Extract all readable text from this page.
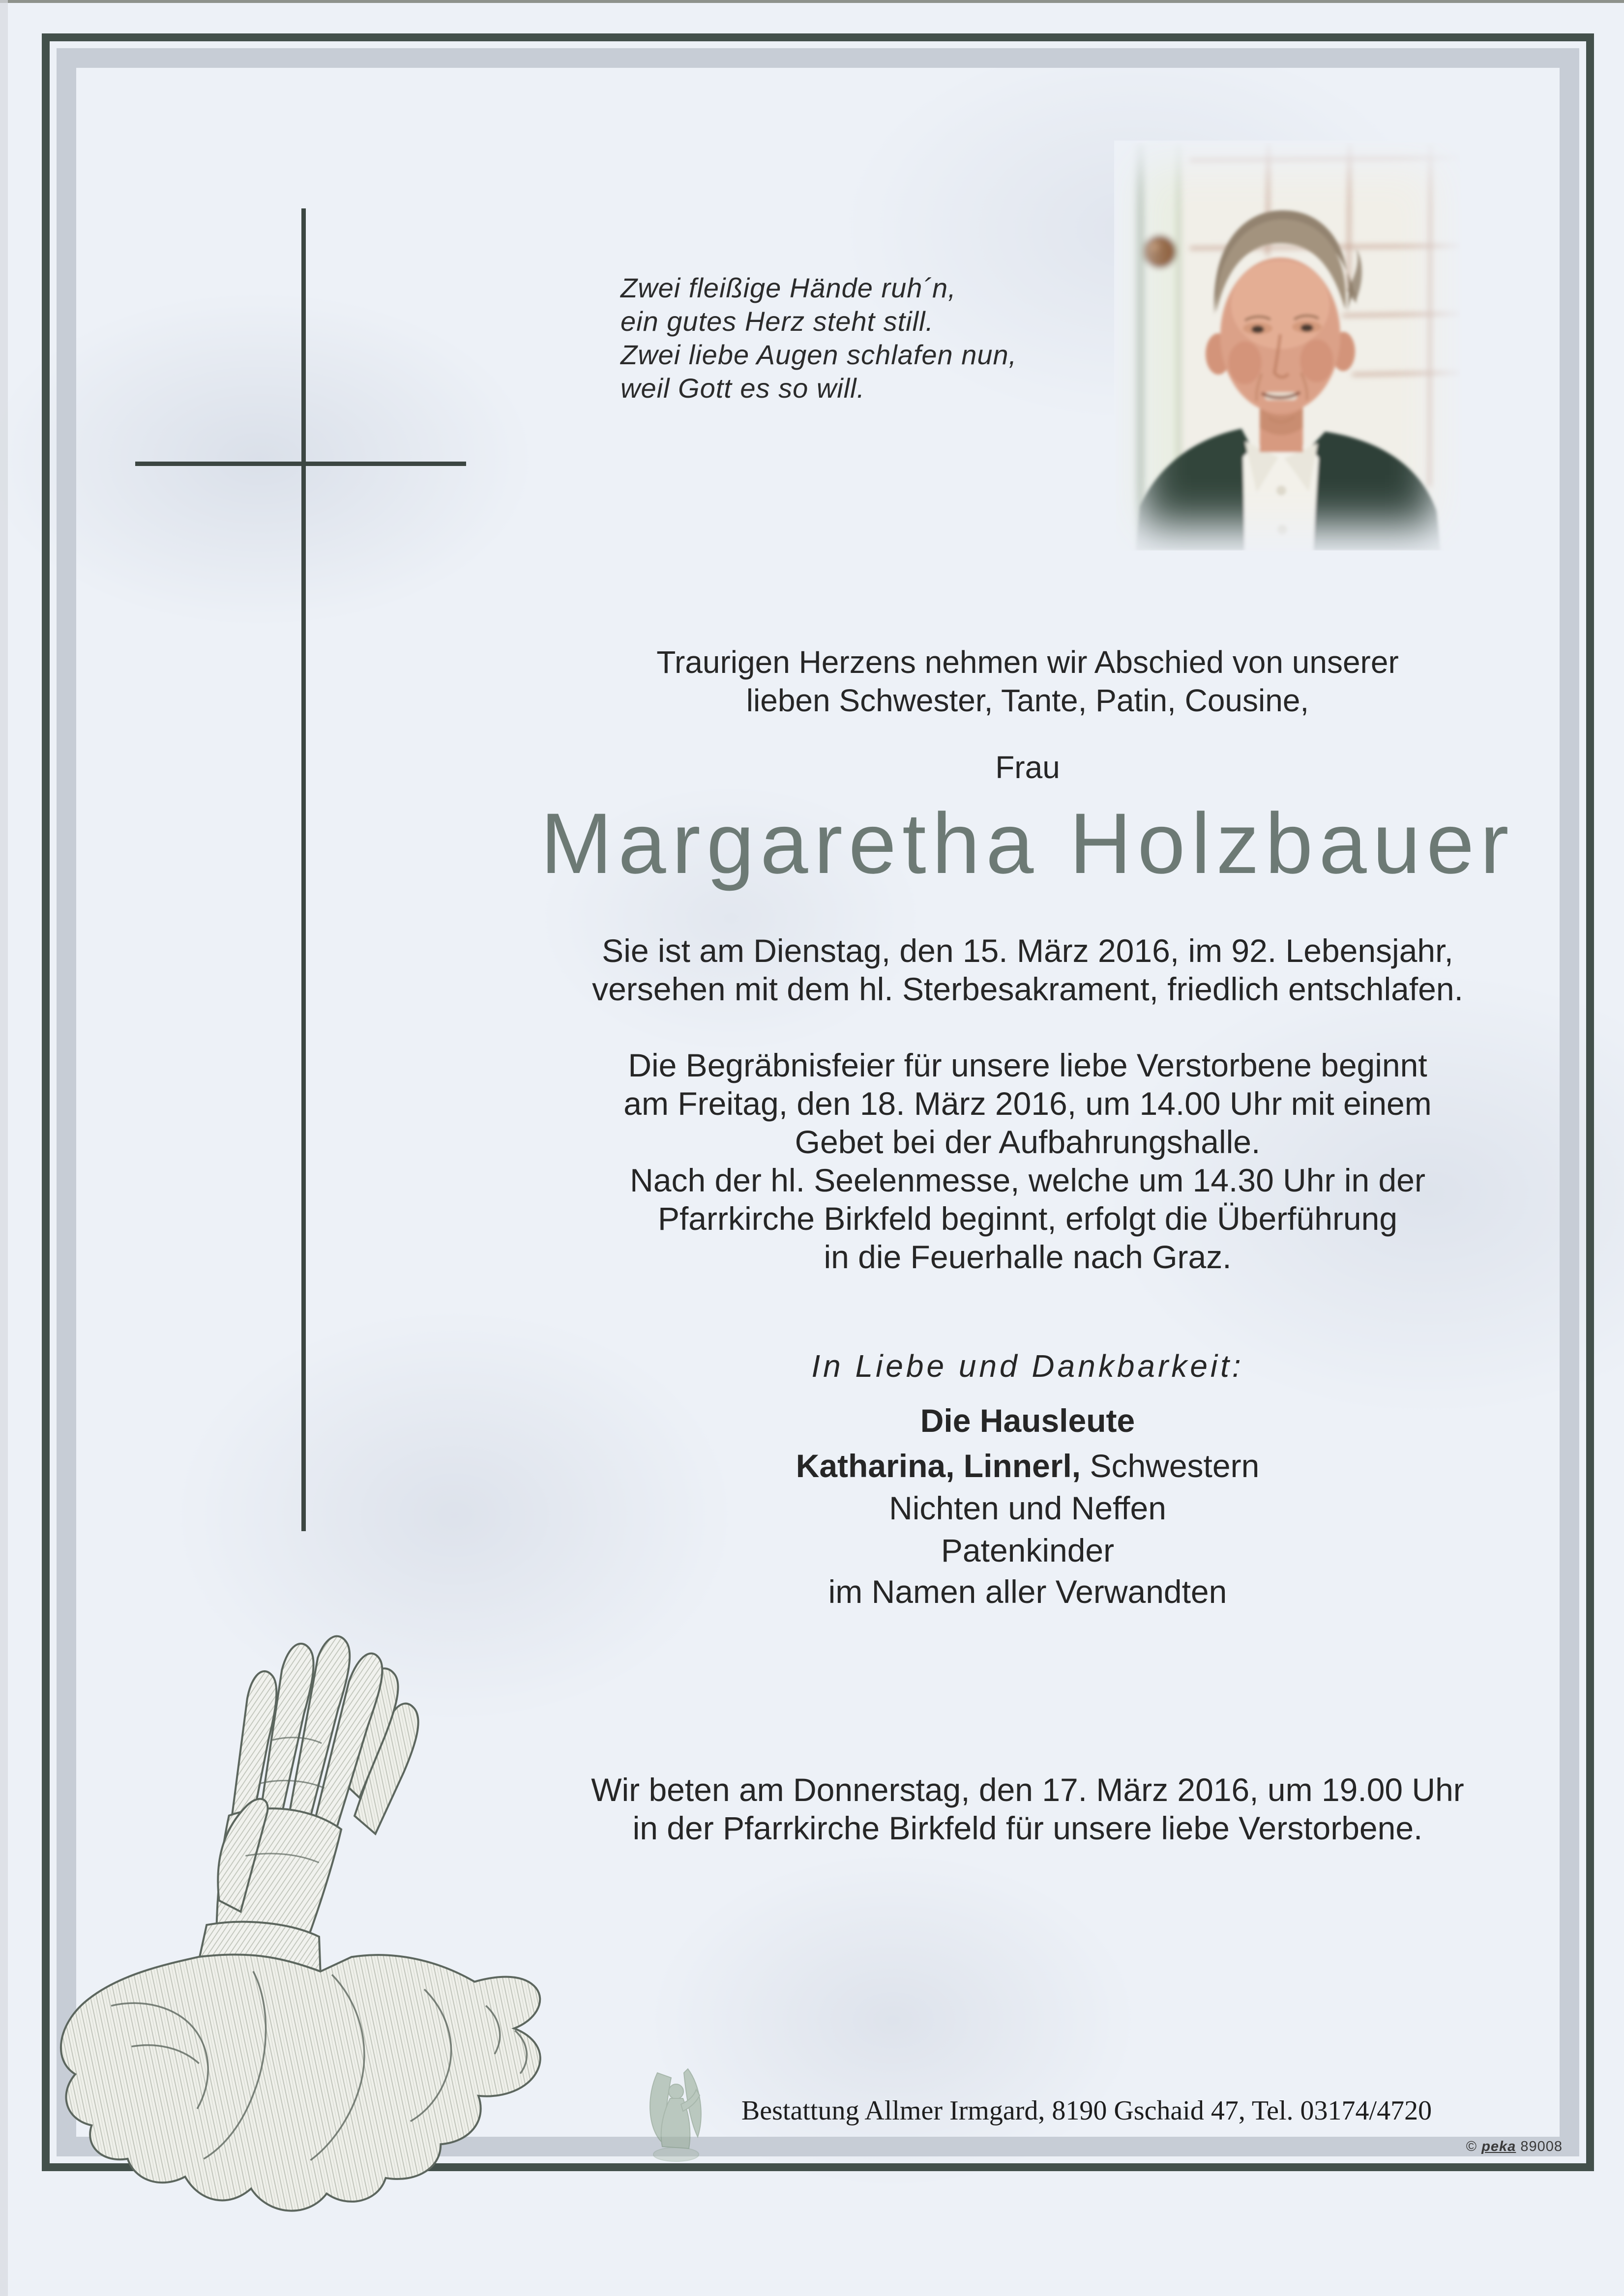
Zwei fleißige Hände ruh´n,
ein gutes Herz steht still.
Zwei liebe Augen schlafen nun,
weil Gott es so will.
Traurigen Herzens nehmen wir Abschied von unserer
lieben Schwester, Tante, Patin, Cousine,
Frau
Margaretha Holzbauer
Sie ist am Dienstag, den 15. März 2016, im 92. Lebensjahr,
versehen mit dem hl. Sterbesakrament, friedlich entschlafen.
Die Begräbnisfeier für unsere liebe Verstorbene beginnt
am Freitag, den 18. März 2016, um 14.00 Uhr mit einem
Gebet bei der Aufbahrungshalle.
Nach der hl. Seelenmesse, welche um 14.30 Uhr in der
Pfarrkirche Birkfeld beginnt, erfolgt die Überführung
in die Feuerhalle nach Graz.
In Liebe und Dankbarkeit:
Die Hausleute
Katharina, Linnerl, Schwestern
Nichten und Neffen
Patenkinder
im Namen aller Verwandten
Wir beten am Donnerstag, den 17. März 2016, um 19.00 Uhr
in der Pfarrkirche Birkfeld für unsere liebe Verstorbene.
Bestattung Allmer Irmgard, 8190 Gschaid 47, Tel. 03174/4720
© peka 89008
